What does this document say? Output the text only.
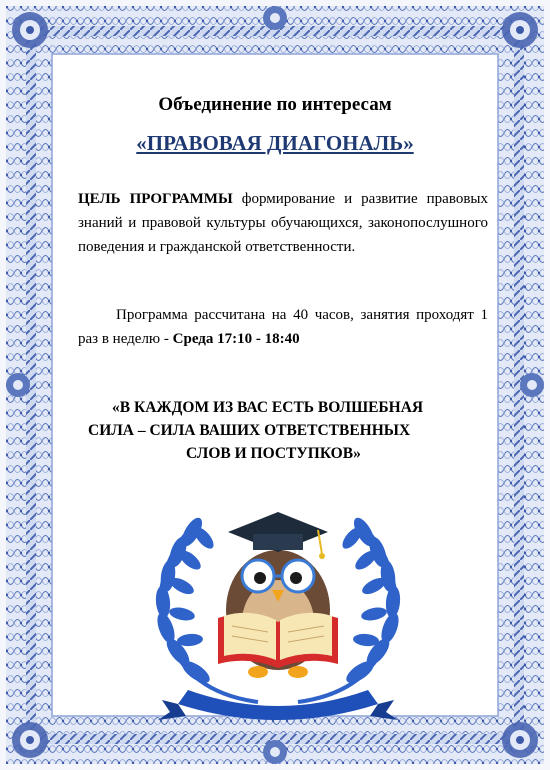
Объединение по интересам
«ПРАВОВАЯ ДИАГОНАЛЬ»
ЦЕЛЬ ПРОГРАММЫ формирование и развитие правовых знаний и правовой культуры обучающихся, законопослушного поведения и гражданской ответственности.
Программа рассчитана на 40 часов, занятия проходят 1 раз в неделю - Среда 17:10 - 18:40
«В КАЖДОМ ИЗ ВАС ЕСТЬ ВОЛШЕБНАЯ
СИЛА – СИЛА ВАШИХ ОТВЕТСТВЕННЫХ
СЛОВ И ПОСТУПКОВ»
